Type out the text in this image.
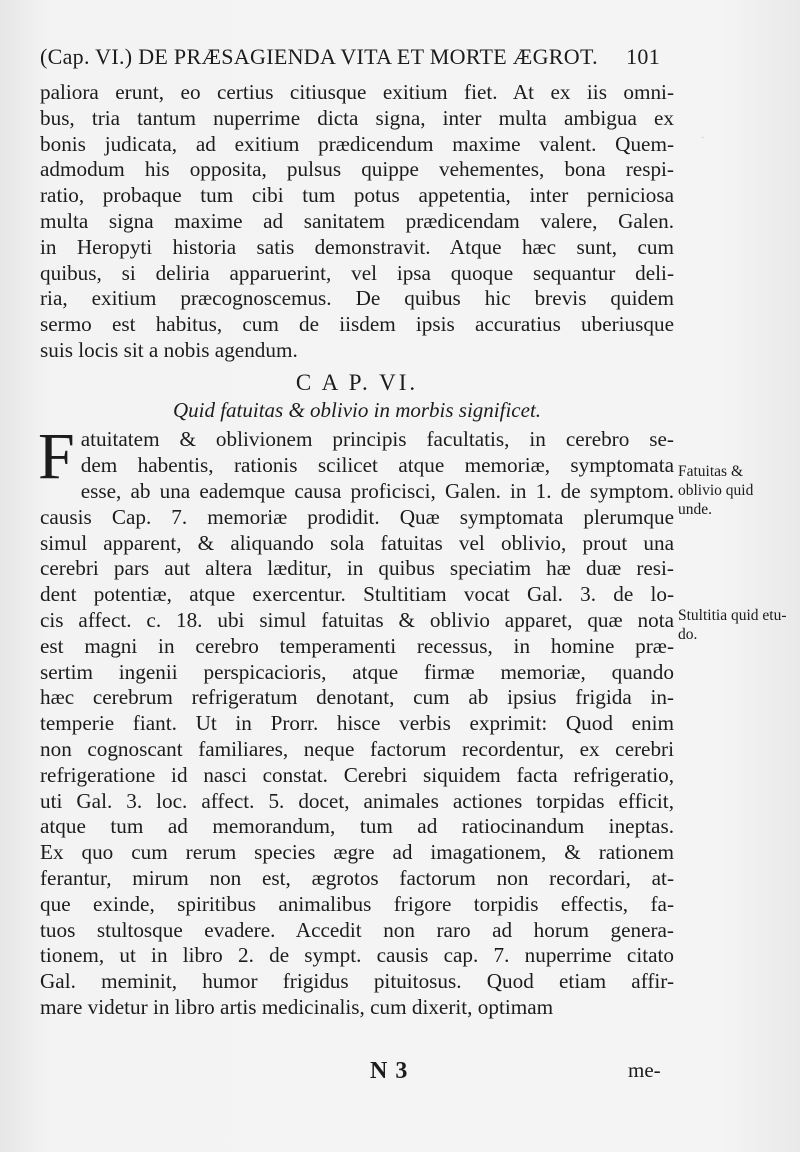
(Cap. VI.) DE PRÆSAGIENDA VITA ET MORTE ÆGROT. 101
·

paliora erunt, eo certius citiusque exitium fiet. At ex iis omni-
bus, tria tantum nuperrime dicta signa, inter multa ambigua ex
bonis judicata, ad exitium prædicendum maxime valent. Quem-
admodum his opposita, pulsus quippe vehementes, bona respi-
ratio, probaque tum cibi tum potus appetentia, inter perniciosa
multa signa maxime ad sanitatem prædicendam valere, Galen.
in Heropyti historia satis demonstravit. Atque hæc sunt, cum
quibus, si deliria apparuerint, vel ipsa quoque sequantur deli-
ria, exitium præcognoscemus. De quibus hic brevis quidem
sermo est habitus, cum de iisdem ipsis accuratius uberiusque
suis locis sit a nobis agendum.

C A P. VI.
Quid fatuitas & oblivio in morbis significet.

F atuitatem & oblivionem principis facultatis, in cerebro se-
dem habentis, rationis scilicet atque memoriæ, symptomata
esse, ab una eademque causa proficisci, Galen. in 1. de symptom.
causis Cap. 7. memoriæ prodidit. Quæ symptomata plerumque
simul apparent, & aliquando sola fatuitas vel oblivio, prout una
cerebri pars aut altera læditur, in quibus speciatim hæ duæ resi-
dent potentiæ, atque exercentur. Stultitiam vocat Gal. 3. de lo-
cis affect. c. 18. ubi simul fatuitas & oblivio apparet, quæ nota
est magni in cerebro temperamenti recessus, in homine præ-
sertim ingenii perspicacioris, atque firmæ memoriæ, quando
hæc cerebrum refrigeratum denotant, cum ab ipsius frigida in-
temperie fiant. Ut in Prorr. hisce verbis exprimit: Quod enim
non cognoscant familiares, neque factorum recordentur, ex cerebri
refrigeratione id nasci constat. Cerebri siquidem facta refrigeratio,
uti Gal. 3. loc. affect. 5. docet, animales actiones torpidas efficit,
atque tum ad memorandum, tum ad ratiocinandum ineptas.
Ex quo cum rerum species ægre ad imagationem, & rationem
ferantur, mirum non est, ægrotos factorum non recordari, at-
que exinde, spiritibus animalibus frigore torpidis effectis, fa-
tuos stultosque evadere. Accedit non raro ad horum genera-
tionem, ut in libro 2. de sympt. causis cap. 7. nuperrime citato
Gal. meminit, humor frigidus pituitosus. Quod etiam affir-
mare videtur in libro artis medicinalis, cum dixerit, optimam

Fatuitas & oblivio quid unde.
Stultitia quid etu- do.
N 3	me-
